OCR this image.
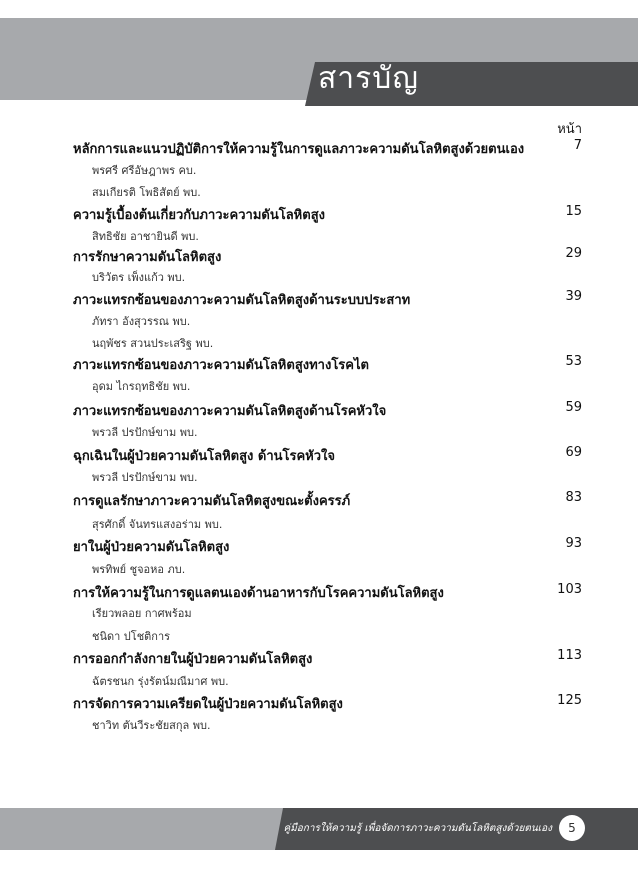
สารบัญ
หน้า
หลักการและแนวปฏิบัติการให้ความรู้ในการดูแลภาวะความดันโลหิตสูงด้วยตนเอง	7
พรศรี ศรีอัษฎาพร คบ.
สมเกียรติ โพธิสัตย์ พบ.
ความรู้เบื้องต้นเกี่ยวกับภาวะความดันโลหิตสูง	15
สิทธิชัย อาชายินดี พบ.
การรักษาความดันโลหิตสูง	29
บริวัตร เพ็งแก้ว พบ.
ภาวะแทรกซ้อนของภาวะความดันโลหิตสูงด้านระบบประสาท	39
ภัทรา อังสุวรรณ พบ.
นฤพัชร สวนประเสริฐ พบ.
ภาวะแทรกซ้อนของภาวะความดันโลหิตสูงทางโรคไต	53
อุดม ไกรฤทธิชัย พบ.
ภาวะแทรกซ้อนของภาวะความดันโลหิตสูงด้านโรคหัวใจ	59
พรวลี ปรปักษ์ขาม พบ.
ฉุกเฉินในผู้ป่วยความดันโลหิตสูง ด้านโรคหัวใจ	69
พรวลี ปรปักษ์ขาม พบ.
การดูแลรักษาภาวะความดันโลหิตสูงขณะตั้งครรภ์	83
สุรศักดิ์ จันทรแสงอร่าม พบ.
ยาในผู้ป่วยความดันโลหิตสูง	93
พรทิพย์ ชูจอหอ ภบ.
การให้ความรู้ในการดูแลตนเองด้านอาหารกับโรคความดันโลหิตสูง	103
เรียวพลอย กาศพร้อม
ชนิดา ปโชติการ
การออกกำลังกายในผู้ป่วยความดันโลหิตสูง	113
ฉัตรชนก รุ่งรัตน์มณีมาศ พบ.
การจัดการความเครียดในผู้ป่วยความดันโลหิตสูง	125
ชาวิท ตันวีระชัยสกุล พบ.
คู่มือการให้ความรู้ เพื่อจัดการภาวะความดันโลหิตสูงด้วยตนเอง	5
